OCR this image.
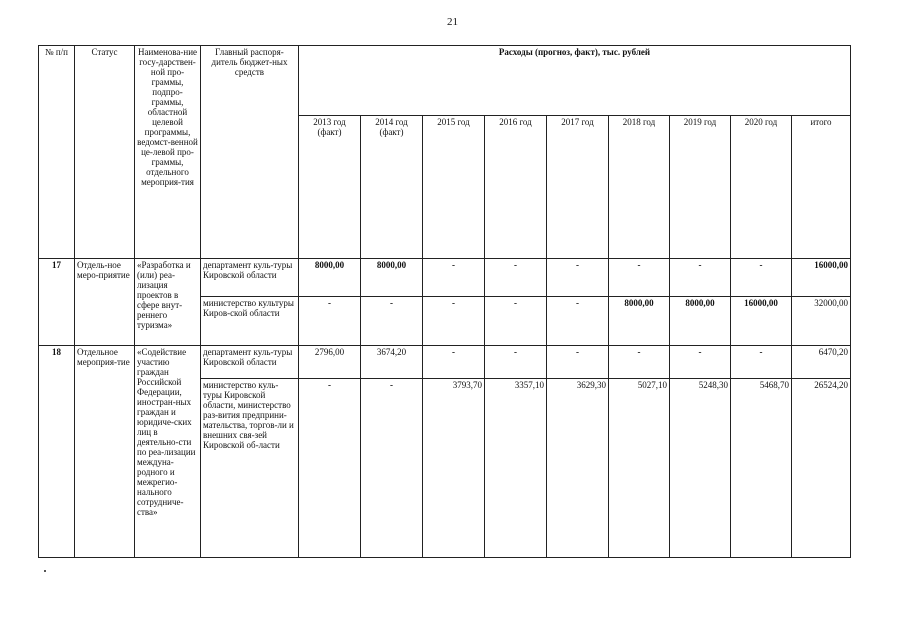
21
№ п/п	Статус	Наименова-ние госу-дарствен-ной про-граммы, подпро-граммы, областной целевой программы, ведомст-венной це-левой про-граммы, отдельного мероприя-тия	Главный распоря-дитель бюджет-ных средств	Расходы (прогноз, факт), тыс. рублей								
				2013 год (факт)	2014 год (факт)	2015 год	2016 год	2017 год	2018 год	2019 год	2020 год	итого
17	Отдель-ное меро-приятие	«Разработка и (или) реа-лизация проектов в сфере внут-реннего туризма»	департамент куль-туры Кировской области	8000,00	8000,00	-	-	-	-	-	-	16000,00
			министерство культуры Киров-ской области	-	-	-	-	-	8000,00	8000,00	16000,00	32000,00
18	Отдельное мероприя-тие	«Содействие участию граждан Российской Федерации, иностран-ных граждан и юридиче-ских лиц в деятельно-сти по реа-лизации междуна-родного и межрегио-нального сотрудниче-ства»	департамент куль-туры Кировской области	2796,00	3674,20	-	-	-	-	-	-	6470,20
			министерство куль-туры Кировской области, министерство раз-вития предприни-мательства, торгов-ли и внешних свя-зей Кировской об-ласти	-	-	3793,70	3357,10	3629,30	5027,10	5248,30	5468,70	26524,20
